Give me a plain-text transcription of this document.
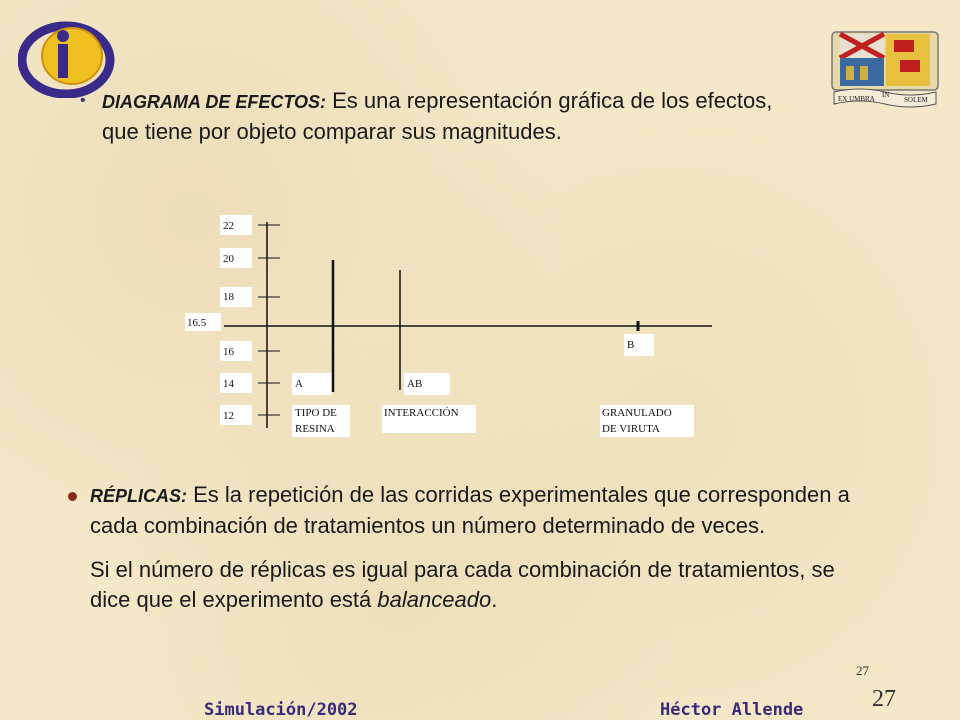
EX UMBRA IN
SOLEM
• DIAGRAMA DE EFECTOS: Es una representación gráfica de los efectos, que tiene por objeto comparar sus magnitudes.
22
20
18
16
14
12
16.5
A	AB
B
TIPO DE
RESINA
INTERACCIÓN	GRANULADO
DE VIRUTA

RÉPLICAS: Es la repetición de las corridas experimentales que corresponden a cada combinación de tratamientos un número determinado de veces.

Si el número de réplicas es igual para cada combinación de tratamientos, se dice que el experimento está balanceado.

27
27
Simulación/2002	Héctor Allende
